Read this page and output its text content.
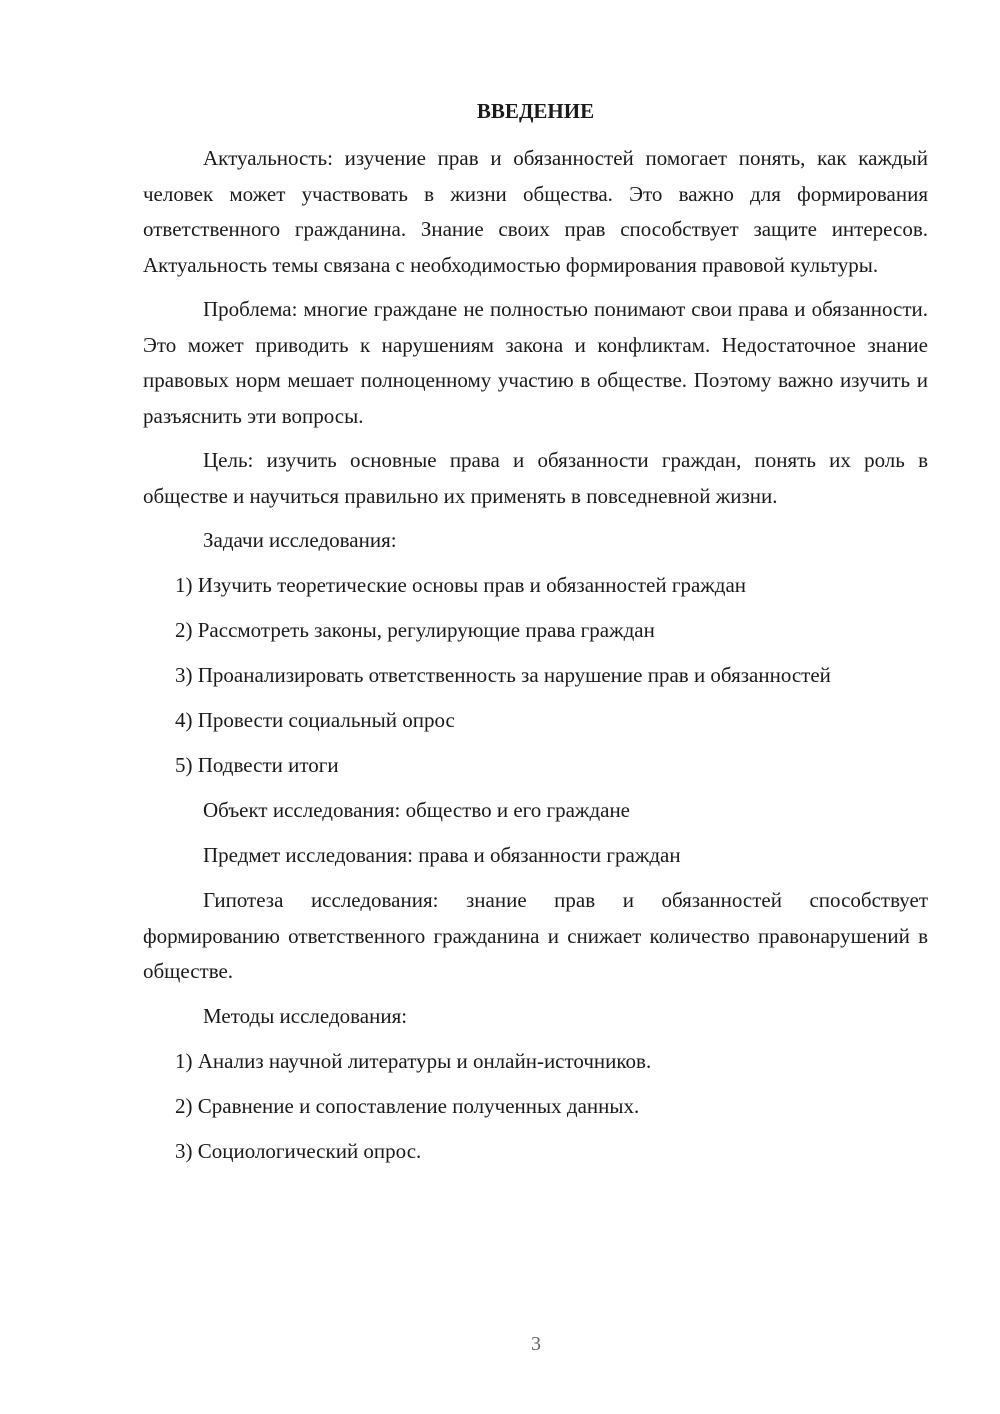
ВВЕДЕНИЕ

Актуальность: изучение прав и обязанностей помогает понять, как каждый человек может участвовать в жизни общества. Это важно для формирования ответственного гражданина. Знание своих прав способствует защите интересов. Актуальность темы связана с необходимостью формирования правовой культуры.

Проблема: многие граждане не полностью понимают свои права и обязанности. Это может приводить к нарушениям закона и конфликтам. Недостаточное знание правовых норм мешает полноценному участию в обществе. Поэтому важно изучить и разъяснить эти вопросы.

Цель: изучить основные права и обязанности граждан, понять их роль в обществе и научиться правильно их применять в повседневной жизни.

Задачи исследования:

1) Изучить теоретические основы прав и обязанностей граждан

2) Рассмотреть законы, регулирующие права граждан

3) Проанализировать ответственность за нарушение прав и обязанностей

4) Провести социальный опрос

5) Подвести итоги

Объект исследования: общество и его граждане

Предмет исследования: права и обязанности граждан

Гипотеза исследования: знание прав и обязанностей способствует формированию ответственного гражданина и снижает количество правонарушений в обществе.

Методы исследования:

1) Анализ научной литературы и онлайн-источников.

2) Сравнение и сопоставление полученных данных.

3) Социологический опрос.

3
